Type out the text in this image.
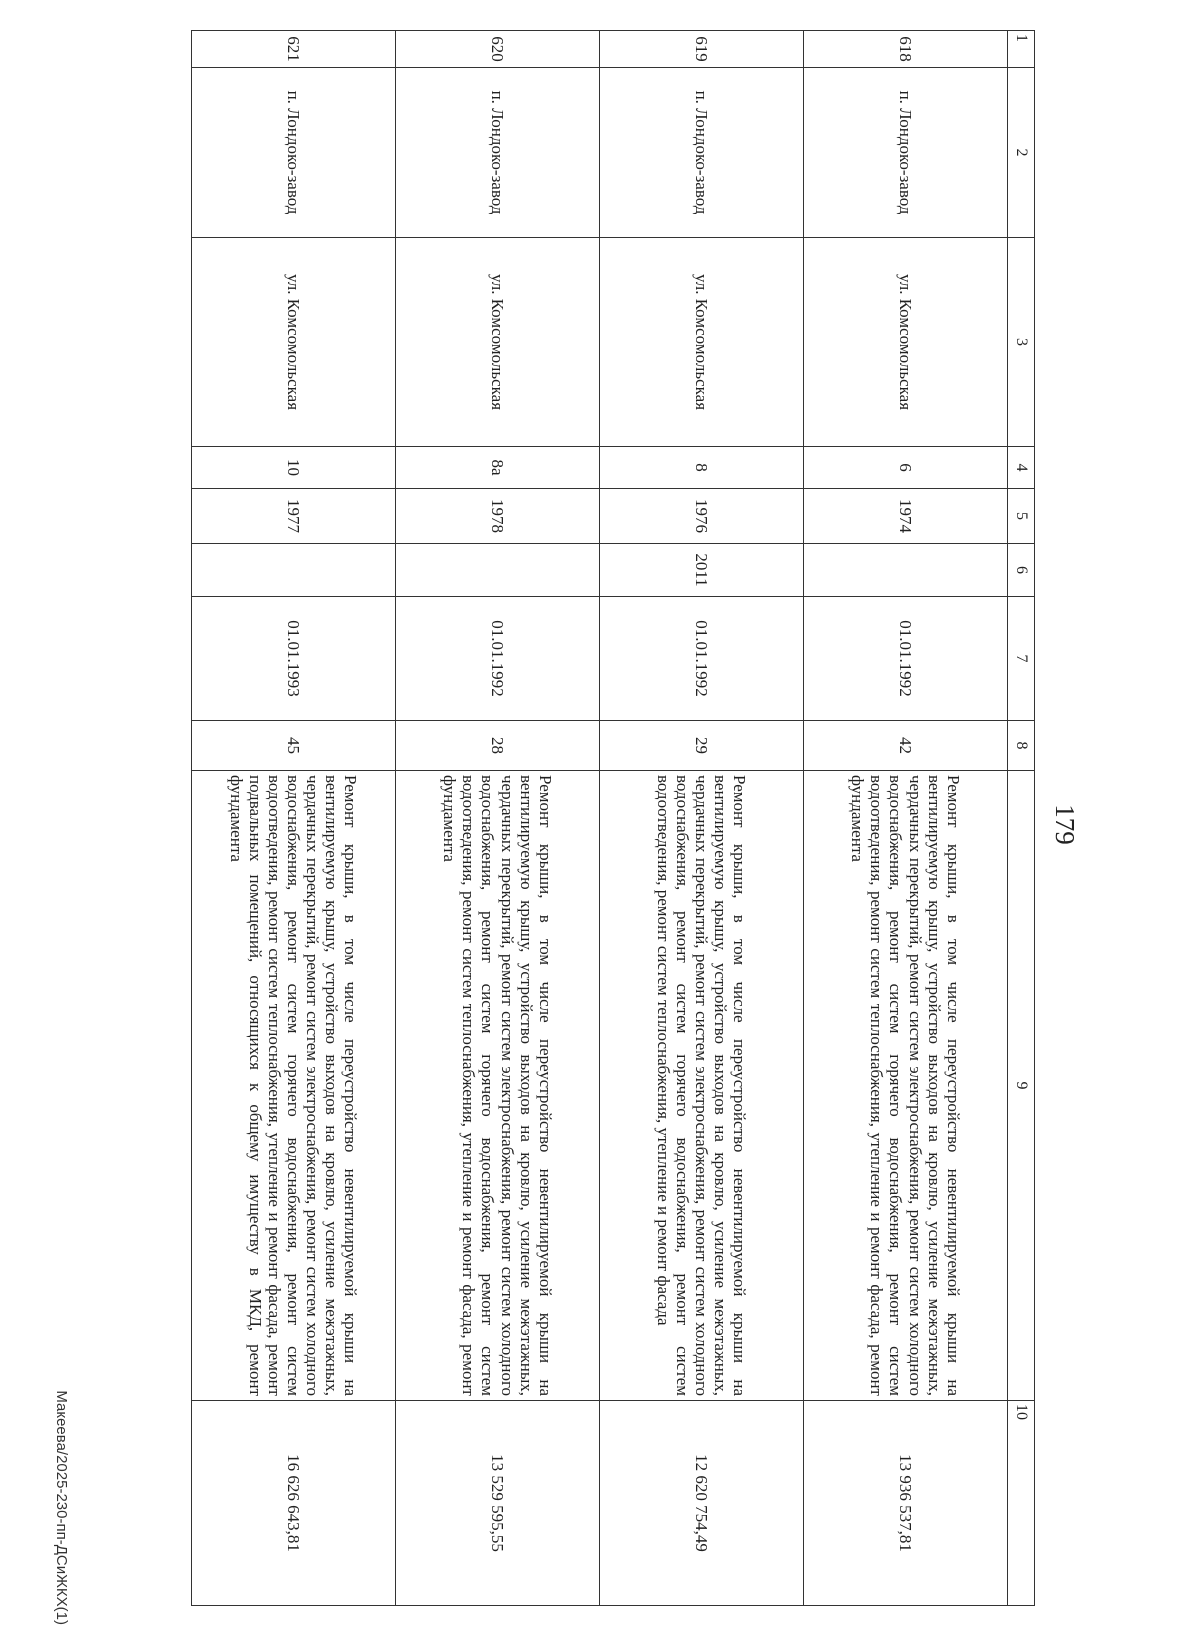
179
1	2	3	4	5	6	7	8	9	10
618	п. Лондоко-завод	ул. Комсомольская	6	1974		01.01.1992	42	Ремонт крыши, в том числе переустройство невентилируемой крыши на вентилируемую крышу, устройство выходов на кровлю, усиление межэтажных, чердачных перекрытий, ремонт систем электроснабжения, ремонт систем холодного водоснабжения, ремонт систем горячего водоснабжения, ремонт систем водоотведения, ремонт систем теплоснабжения, утепление и ремонт фасада, ремонт фундамента	13 936 537,81
619	п. Лондоко-завод	ул. Комсомольская	8	1976	2011	01.01.1992	29	Ремонт крыши, в том числе переустройство невентилируемой крыши на вентилируемую крышу, устройство выходов на кровлю, усиление межэтажных, чердачных перекрытий, ремонт систем электроснабжения, ремонт систем холодного водоснабжения, ремонт систем горячего водоснабжения, ремонт систем водоотведения, ремонт систем теплоснабжения, утепление и ремонт фасада	12 620 754,49
620	п. Лондоко-завод	ул. Комсомольская	8а	1978		01.01.1992	28	Ремонт крыши, в том числе переустройство невентилируемой крыши на вентилируемую крышу, устройство выходов на кровлю, усиление межэтажных, чердачных перекрытий, ремонт систем электроснабжения, ремонт систем холодного водоснабжения, ремонт систем горячего водоснабжения, ремонт систем водоотведения, ремонт систем теплоснабжения, утепление и ремонт фасада, ремонт фундамента	13 529 595,55
621	п. Лондоко-завод	ул. Комсомольская	10	1977		01.01.1993	45	Ремонт крыши, в том числе переустройство невентилируемой крыши на вентилируемую крышу, устройство выходов на кровлю, усиление межэтажных, чердачных перекрытий, ремонт систем электроснабжения, ремонт систем холодного водоснабжения, ремонт систем горячего водоснабжения, ремонт систем водоотведения, ремонт систем теплоснабжения, утепление и ремонт фасада, ремонт подвальных помещений, относящихся к общему имуществу в МКД, ремонт фундамента	16 626 643,81
Макеева/2025-230-пп-ДСиЖКХ(1)
